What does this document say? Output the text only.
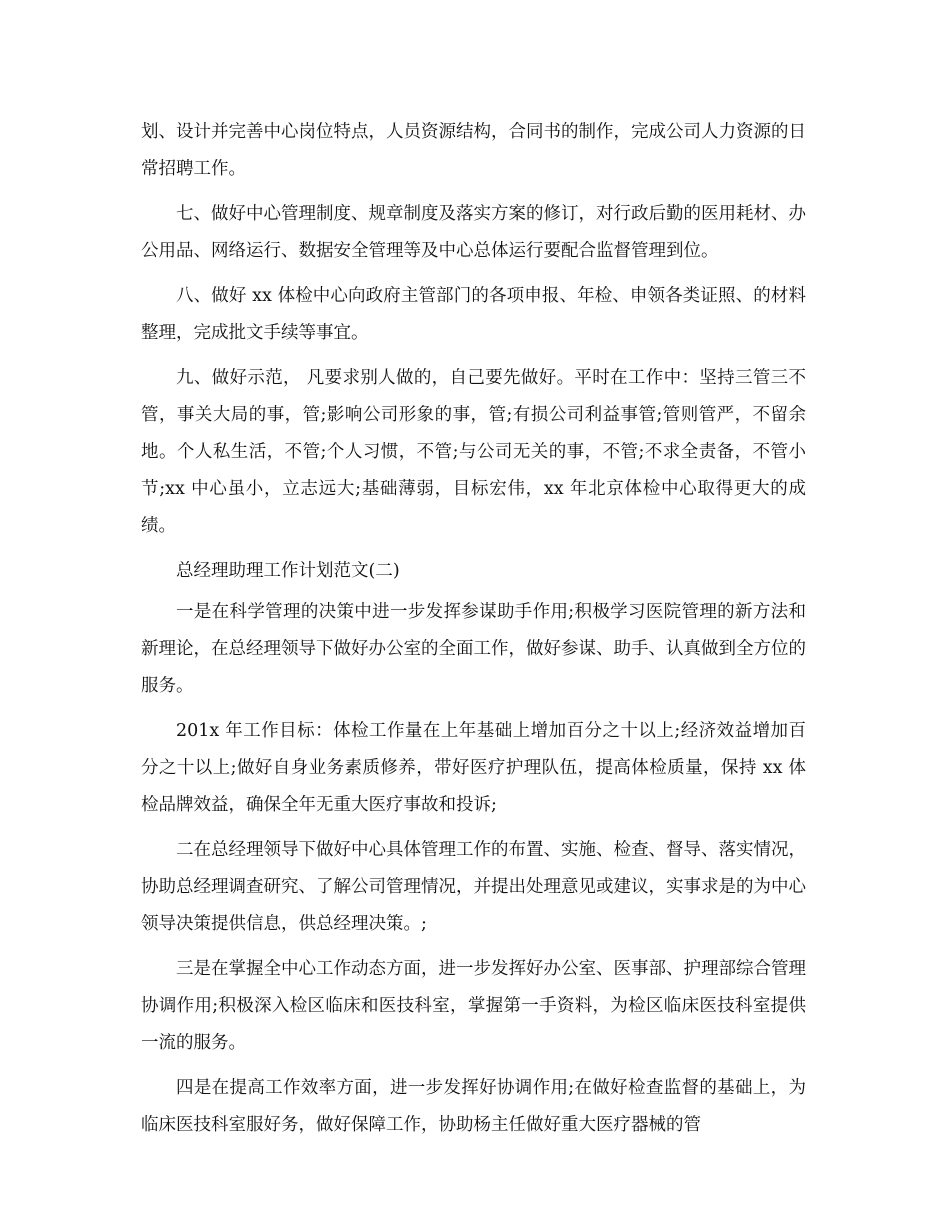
划、设计并完善中心岗位特点，人员资源结构，合同书的制作，完成公司人力资源的日常招聘工作。

七、做好中心管理制度、规章制度及落实方案的修订，对行政后勤的医用耗材、办公用品、网络运行、数据安全管理等及中心总体运行要配合监督管理到位。

八、做好 xx 体检中心向政府主管部门的各项申报、年检、申领各类证照、的材料整理，完成批文手续等事宜。

九、做好示范， 凡要求别人做的，自己要先做好。平时在工作中：坚持三管三不管，事关大局的事，管;影响公司形象的事，管;有损公司利益事管;管则管严，不留余地。个人私生活，不管;个人习惯，不管;与公司无关的事，不管;不求全责备，不管小节;xx 中心虽小，立志远大;基础薄弱，目标宏伟，xx 年北京体检中心取得更大的成绩。

总经理助理工作计划范文(二)

一是在科学管理的决策中进一步发挥参谋助手作用;积极学习医院管理的新方法和新理论，在总经理领导下做好办公室的全面工作，做好参谋、助手、认真做到全方位的服务。

201x 年工作目标：体检工作量在上年基础上增加百分之十以上;经济效益增加百分之十以上;做好自身业务素质修养，带好医疗护理队伍，提高体检质量，保持 xx 体检品牌效益，确保全年无重大医疗事故和投诉;

二在总经理领导下做好中心具体管理工作的布置、实施、检查、督导、落实情况，协助总经理调查研究、了解公司管理情况，并提出处理意见或建议，实事求是的为中心领导决策提供信息，供总经理决策。;

三是在掌握全中心工作动态方面，进一步发挥好办公室、医事部、护理部综合管理协调作用;积极深入检区临床和医技科室，掌握第一手资料，为检区临床医技科室提供一流的服务。

四是在提高工作效率方面，进一步发挥好协调作用;在做好检查监督的基础上，为临床医技科室服好务，做好保障工作，协助杨主任做好重大医疗器械的管
